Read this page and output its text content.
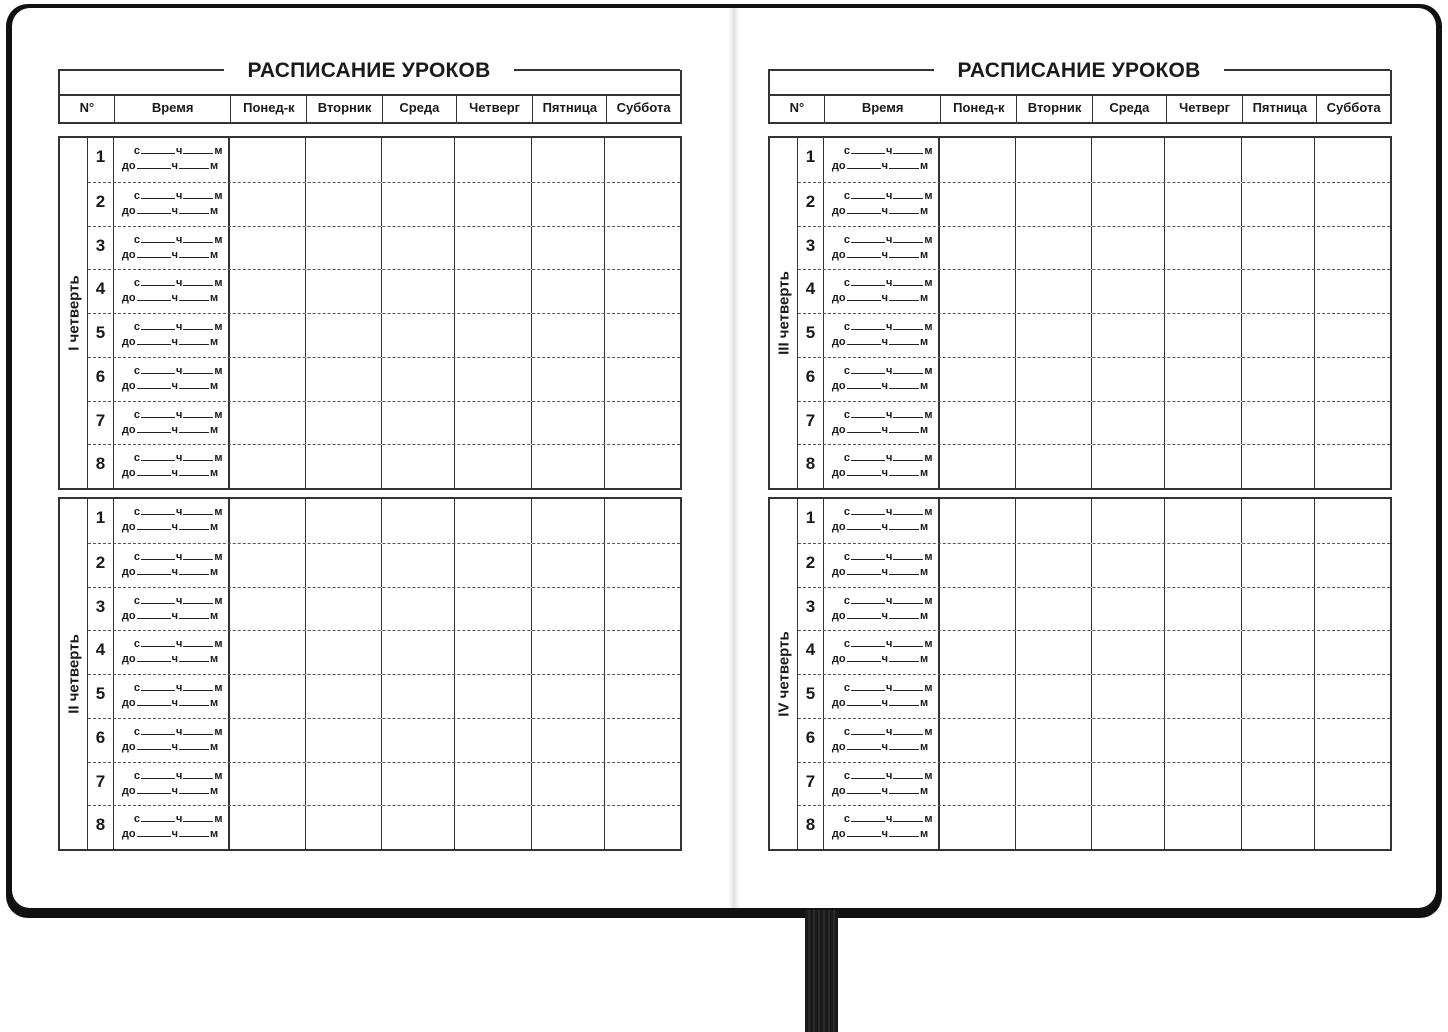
РАСПИСАНИЕ УРОКОВ
N°	Время	Понед-к	Вторник	Среда	Четверг	Пятница	Суббота
I четверть
1	с	ч	м
до	ч	м
2	с	ч	м
до	ч	м
3	с	ч	м
до	ч	м
4	с	ч	м
до	ч	м
5	с	ч	м
до	ч	м
6	с	ч	м
до	ч	м
7	с	ч	м
до	ч	м
8	с	ч	м
до	ч	м
II четверть
1	с	ч	м
до	ч	м
2	с	ч	м
до	ч	м
3	с	ч	м
до	ч	м
4	с	ч	м
до	ч	м
5	с	ч	м
до	ч	м
6	с	ч	м
до	ч	м
7	с	ч	м
до	ч	м
8	с	ч	м
до	ч	м
РАСПИСАНИЕ УРОКОВ
N°	Время	Понед-к	Вторник	Среда	Четверг	Пятница	Суббота
III четверть
1	с	ч	м
до	ч	м
2	с	ч	м
до	ч	м
3	с	ч	м
до	ч	м
4	с	ч	м
до	ч	м
5	с	ч	м
до	ч	м
6	с	ч	м
до	ч	м
7	с	ч	м
до	ч	м
8	с	ч	м
до	ч	м
IV четверть
1	с	ч	м
до	ч	м
2	с	ч	м
до	ч	м
3	с	ч	м
до	ч	м
4	с	ч	м
до	ч	м
5	с	ч	м
до	ч	м
6	с	ч	м
до	ч	м
7	с	ч	м
до	ч	м
8	с	ч	м
до	ч	м
